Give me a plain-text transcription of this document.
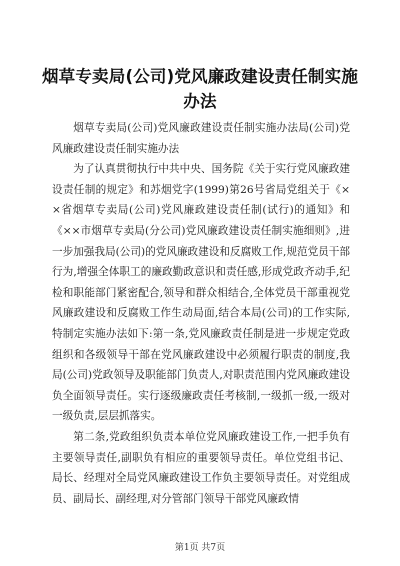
烟草专卖局(公司)党风廉政建设责任制实施办法

烟草专卖局(公司)党风廉政建设责任制实施办法局(公司)党风廉政建设责任制实施办法

为了认真贯彻执行中共中央、国务院《关于实行党风廉政建设责任制的规定》和苏烟党字(1999)第26号省局党组关于《××省烟草专卖局(公司)党风廉政建设责任制(试行)的通知》和《××市烟草专卖局(分公司)党风廉政建设责任制实施细则》,进一步加强我局(公司)的党风廉政建设和反腐败工作,规范党员干部行为,增强全体职工的廉政勤政意识和责任感,形成党政齐动手,纪检和职能部门紧密配合,领导和群众相结合,全体党员干部重视党风廉政建设和反腐败工作生动局面,结合本局(公司)的工作实际,特制定实施办法如下:第一条,党风廉政责任制是进一步规定党政组织和各级领导干部在党风廉政建设中必须履行职责的制度,我局(公司)党政领导及职能部门负责人,对职责范围内党风廉政建设负全面领导责任。实行逐级廉政责任考核制,一级抓一级,一级对一级负责,层层抓落实。

第二条,党政组织负责本单位党风廉政建设工作,一把手负有主要领导责任,副职负有相应的重要领导责任。单位党组书记、局长、经理对全局党风廉政建设工作负主要领导责任。对党组成员、副局长、副经理,对分管部门领导干部党风廉政情

第1页 共7页
